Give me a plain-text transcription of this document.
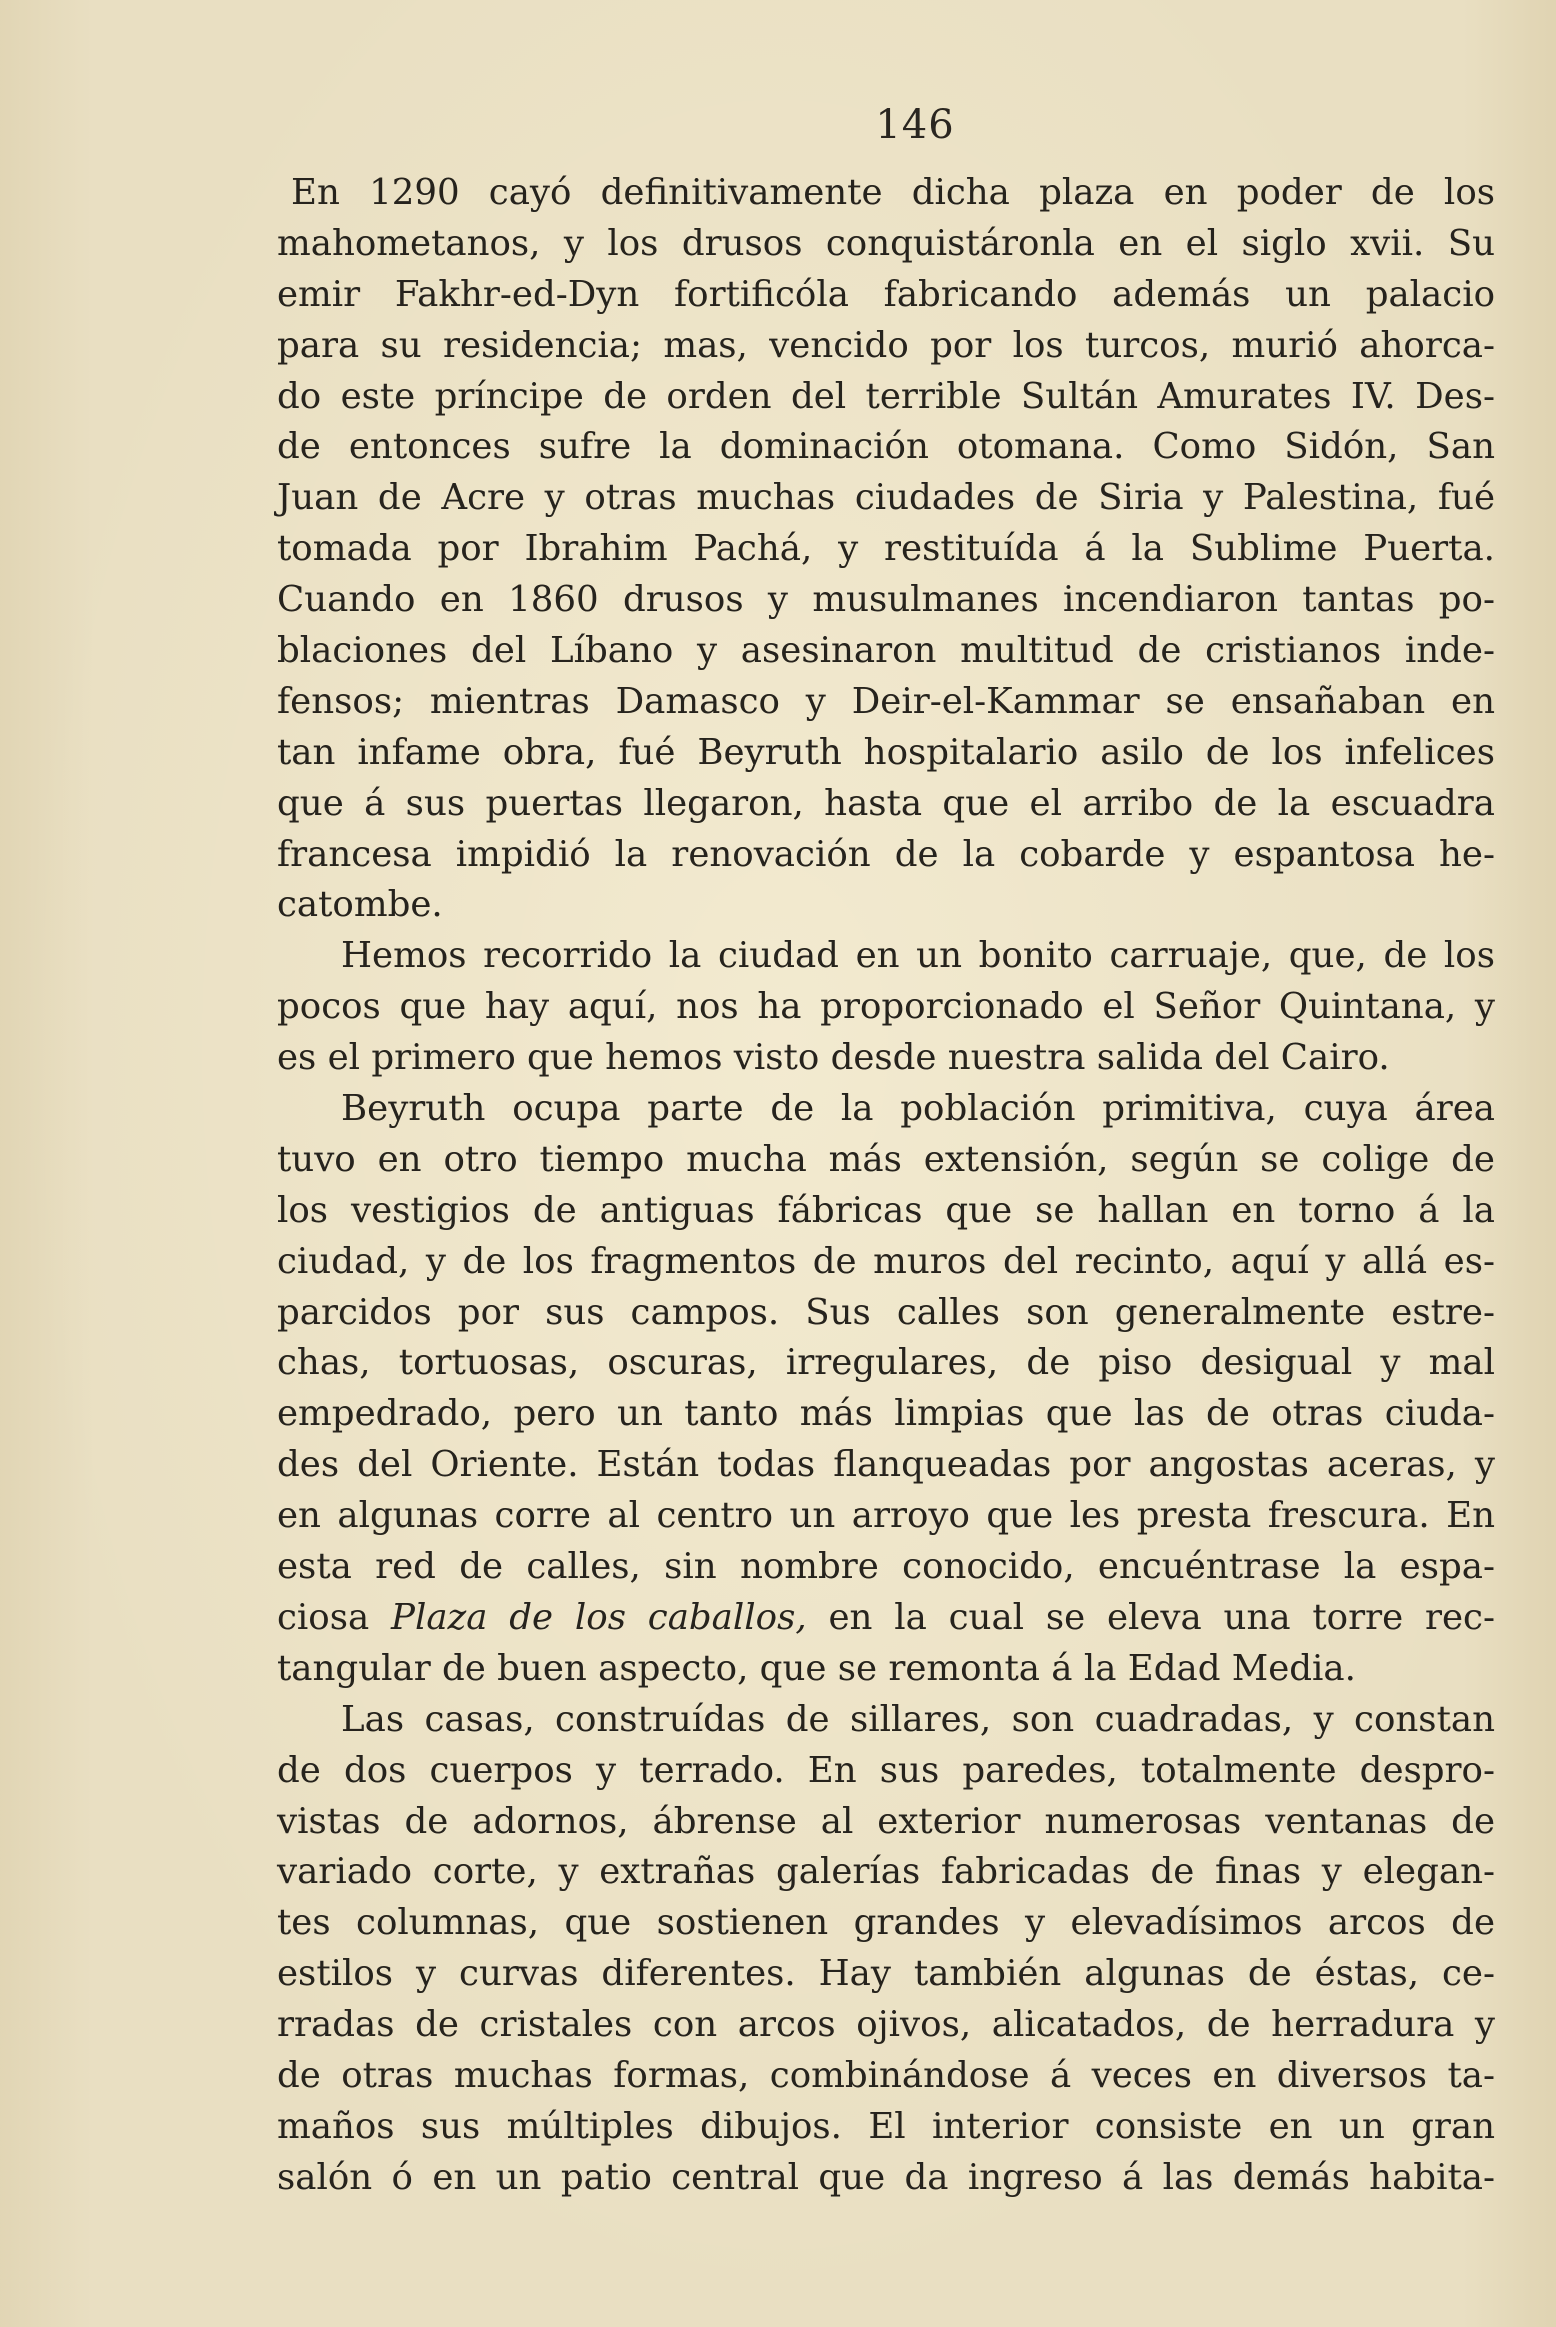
146
En 1290 cayó definitivamente dicha plaza en poder de los
mahometanos, y los drusos conquistáronla en el siglo xvii. Su
emir Fakhr-ed-Dyn fortificóla fabricando además un palacio
para su residencia; mas, vencido por los turcos, murió ahorca-
do este príncipe de orden del terrible Sultán Amurates IV. Des-
de entonces sufre la dominación otomana. Como Sidón, San
Juan de Acre y otras muchas ciudades de Siria y Palestina, fué
tomada por Ibrahim Pachá, y restituída á la Sublime Puerta.
Cuando en 1860 drusos y musulmanes incendiaron tantas po-
blaciones del Líbano y asesinaron multitud de cristianos inde-
fensos; mientras Damasco y Deir-el-Kammar se ensañaban en
tan infame obra, fué Beyruth hospitalario asilo de los infelices
que á sus puertas llegaron, hasta que el arribo de la escuadra
francesa impidió la renovación de la cobarde y espantosa he-
catombe.
Hemos recorrido la ciudad en un bonito carruaje, que, de los
pocos que hay aquí, nos ha proporcionado el Señor Quintana, y
es el primero que hemos visto desde nuestra salida del Cairo.
Beyruth ocupa parte de la población primitiva, cuya área
tuvo en otro tiempo mucha más extensión, según se colige de
los vestigios de antiguas fábricas que se hallan en torno á la
ciudad, y de los fragmentos de muros del recinto, aquí y allá es-
parcidos por sus campos. Sus calles son generalmente estre-
chas, tortuosas, oscuras, irregulares, de piso desigual y mal
empedrado, pero un tanto más limpias que las de otras ciuda-
des del Oriente. Están todas flanqueadas por angostas aceras, y
en algunas corre al centro un arroyo que les presta frescura. En
esta red de calles, sin nombre conocido, encuéntrase la espa-
ciosa Plaza de los caballos, en la cual se eleva una torre rec-
tangular de buen aspecto, que se remonta á la Edad Media.
Las casas, construídas de sillares, son cuadradas, y constan
de dos cuerpos y terrado. En sus paredes, totalmente despro-
vistas de adornos, ábrense al exterior numerosas ventanas de
variado corte, y extrañas galerías fabricadas de finas y elegan-
tes columnas, que sostienen grandes y elevadísimos arcos de
estilos y curvas diferentes. Hay también algunas de éstas, ce-
rradas de cristales con arcos ojivos, alicatados, de herradura y
de otras muchas formas, combinándose á veces en diversos ta-
maños sus múltiples dibujos. El interior consiste en un gran
salón ó en un patio central que da ingreso á las demás habita-
